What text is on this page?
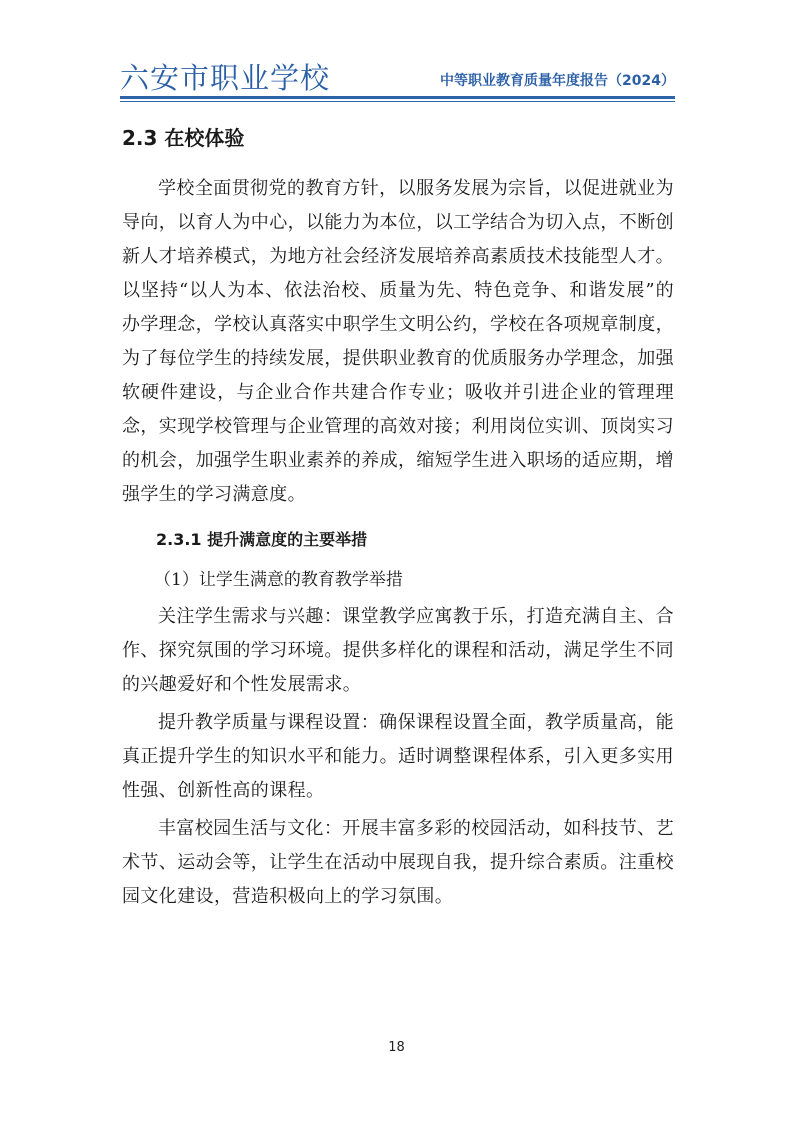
六安市职业学校	中等职业教育质量年度报告（2024）
2.3 在校体验

学校全面贯彻党的教育方针，以服务发展为宗旨，以促进就业为导向，以育人为中心，以能力为本位，以工学结合为切入点，不断创新人才培养模式，为地方社会经济发展培养高素质技术技能型人才。以坚持“以人为本、依法治校、质量为先、特色竞争、和谐发展”的办学理念，学校认真落实中职学生文明公约，学校在各项规章制度，为了每位学生的持续发展，提供职业教育的优质服务办学理念，加强软硬件建设，与企业合作共建合作专业；吸收并引进企业的管理理念，实现学校管理与企业管理的高效对接；利用岗位实训、顶岗实习的机会，加强学生职业素养的养成，缩短学生进入职场的适应期，增强学生的学习满意度。

2.3.1 提升满意度的主要举措

（1）让学生满意的教育教学举措

关注学生需求与兴趣：课堂教学应寓教于乐，打造充满自主、合作、探究氛围的学习环境。提供多样化的课程和活动，满足学生不同的兴趣爱好和个性发展需求。

提升教学质量与课程设置：确保课程设置全面，教学质量高，能真正提升学生的知识水平和能力。适时调整课程体系，引入更多实用性强、创新性高的课程。

丰富校园生活与文化：开展丰富多彩的校园活动，如科技节、艺术节、运动会等，让学生在活动中展现自我，提升综合素质。注重校园文化建设，营造积极向上的学习氛围。

18
